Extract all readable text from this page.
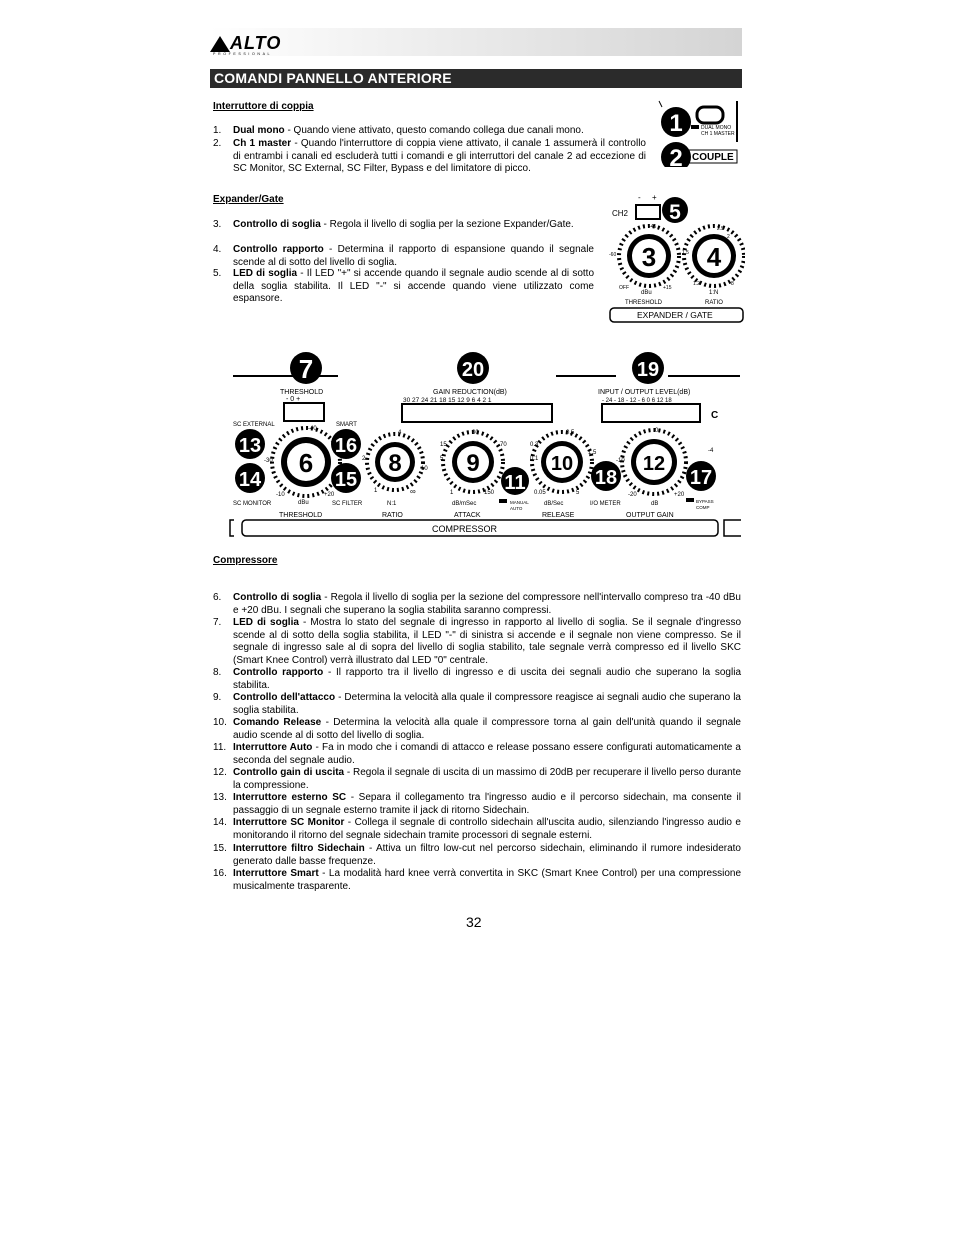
ALTO
PROFESSIONAL
COMANDI PANNELLO ANTERIORE
Interruttore di coppia
1. Dual mono - Quando viene attivato, questo comando collega due canali mono.
2. Ch 1 master - Quando l'interruttore di coppia viene attivato, il canale 1 assumerà il controllo di entrambi i canali ed escluderà tutti i comandi e gli interruttori del canale 2 ad eccezione di SC Monitor, SC External, SC Filter, Bypass e del limitatore di picco.
Expander/Gate
3. Controllo di soglia - Regola il livello di soglia per la sezione Expander/Gate.
4. Controllo rapporto - Determina il rapporto di espansione quando il segnale scende al di sotto del livello di soglia.
5. LED di soglia - Il LED "+" si accende quando il segnale audio scende al di sotto della soglia stabilita. Il LED "-" si accende quando viene utilizzato come espansore.
DUAL MONO
CH 1 MASTER
COUPLE
1
2
- +
CH2 5
3
-60
-45
OFF	+15
dBu
THRESHOLD
4
2.5
1.5
2
1.2	8
1:N
RATIO
EXPANDER / GATE
7	20	19
THRESHOLD
- 0 +
GAIN REDUCTION(dB)
30 27 24 21 18 15 12 9 6 4 2 1
INPUT / OUTPUT LEVEL(dB)
- 24 - 18 - 12 - 6 0 6 12 18
C
SC EXTERNAL	SMART
6
-40
-30
-10	+20
dBu
THRESHOLD
13
14
SC MONITOR
16
15
SC FILTER
8
4
2
10
1	∞
N:1
RATIO
9
30
15	70
5
1	150
dB/mSec
ATTACK
11
MANUAL
AUTO
10
0.3
0.5
0.1
1.5
0.05	5
dB/Sec
RELEASE
18
I/O METER
12
0
-10
-20	+20
dB
OUTPUT GAIN
17
-4
BYPASS
COMP
COMPRESSOR
Compressore
6. Controllo di soglia - Regola il livello di soglia per la sezione del compressore nell'intervallo compreso tra -40 dBu e +20 dBu. I segnali che superano la soglia stabilita saranno compressi.
7. LED di soglia - Mostra lo stato del segnale di ingresso in rapporto al livello di soglia. Se il segnale d'ingresso scende al di sotto della soglia stabilita, il LED "-" di sinistra si accende e il segnale non viene compresso. Se il segnale di ingresso sale al di sopra del livello di soglia stabilito, tale segnale verrà compresso ed il livello SKC (Smart Knee Control) verrà illustrato dal LED "0" centrale.
8. Controllo rapporto - Il rapporto tra il livello di ingresso e di uscita dei segnali audio che superano la soglia stabilita.
9. Controllo dell'attacco - Determina la velocità alla quale il compressore reagisce ai segnali audio che superano la soglia stabilita.
10. Comando Release - Determina la velocità alla quale il compressore torna al gain dell'unità quando il segnale audio scende al di sotto del livello di soglia.
11. Interruttore Auto - Fa in modo che i comandi di attacco e release possano essere configurati automaticamente a seconda del segnale audio.
12. Controllo gain di uscita - Regola il segnale di uscita di un massimo di 20dB per recuperare il livello perso durante la compressione.
13. Interruttore esterno SC - Separa il collegamento tra l'ingresso audio e il percorso sidechain, ma consente il passaggio di un segnale esterno tramite il jack di ritorno Sidechain.
14. Interruttore SC Monitor - Collega il segnale di controllo sidechain all'uscita audio, silenziando l'ingresso audio e monitorando il ritorno del segnale sidechain tramite processori di segnale esterni.
15. Interruttore filtro Sidechain - Attiva un filtro low-cut nel percorso sidechain, eliminando il rumore indesiderato generato dalle basse frequenze.
16. Interruttore Smart - La modalità hard knee verrà convertita in SKC (Smart Knee Control) per una compressione musicalmente trasparente.
32
